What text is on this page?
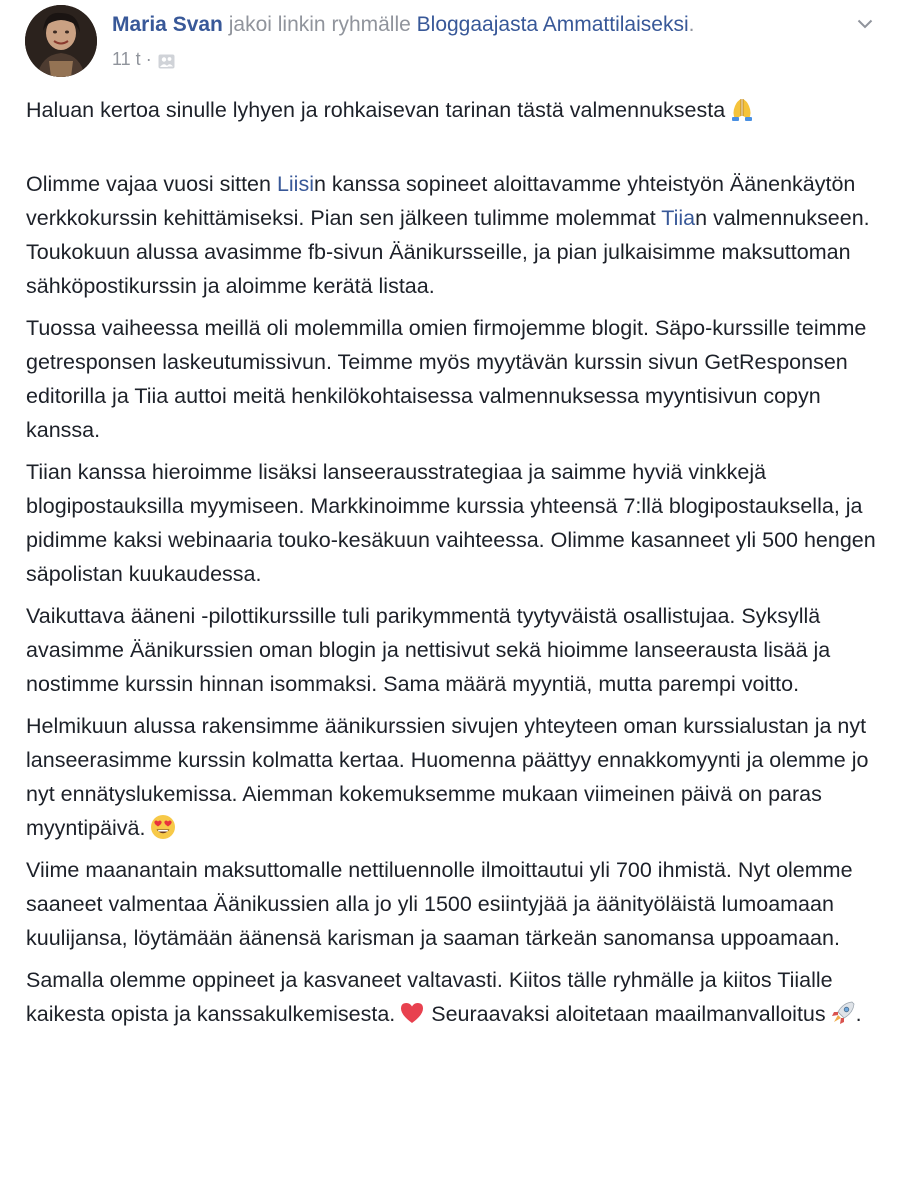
Maria Svan jakoi linkin ryhmälle Bloggaajasta Ammattilaiseksi.
11 t ·

Haluan kertoa sinulle lyhyen ja rohkaisevan tarinan tästä valmennuksesta

Olimme vajaa vuosi sitten Liisin kanssa sopineet aloittavamme yhteistyön Äänenkäytön verkkokurssin kehittämiseksi. Pian sen jälkeen tulimme molemmat Tiian valmennukseen. Toukokuun alussa avasimme fb-sivun Äänikursseille, ja pian julkaisimme maksuttoman sähköpostikurssin ja aloimme kerätä listaa.

Tuossa vaiheessa meillä oli molemmilla omien firmojemme blogit. Säpo-kurssille teimme getresponsen laskeutumissivun. Teimme myös myytävän kurssin sivun GetResponsen editorilla ja Tiia auttoi meitä henkilökohtaisessa valmennuksessa myyntisivun copyn kanssa.

Tiian kanssa hieroimme lisäksi lanseerausstrategiaa ja saimme hyviä vinkkejä blogipostauksilla myymiseen. Markkinoimme kurssia yhteensä 7:llä blogipostauksella, ja pidimme kaksi webinaaria touko-kesäkuun vaihteessa. Olimme kasanneet yli 500 hengen säpolistan kuukaudessa.

Vaikuttava ääneni -pilottikurssille tuli parikymmentä tyytyväistä osallistujaa. Syksyllä avasimme Äänikurssien oman blogin ja nettisivut sekä hioimme lanseerausta lisää ja nostimme kurssin hinnan isommaksi. Sama määrä myyntiä, mutta parempi voitto.

Helmikuun alussa rakensimme äänikurssien sivujen yhteyteen oman kurssialustan ja nyt lanseerasimme kurssin kolmatta kertaa. Huomenna päättyy ennakkomyynti ja olemme jo nyt ennätyslukemissa. Aiemman kokemuksemme mukaan viimeinen päivä on paras myyntipäivä.

Viime maanantain maksuttomalle nettiluennolle ilmoittautui yli 700 ihmistä. Nyt olemme saaneet valmentaa Äänikussien alla jo yli 1500 esiintyjää ja äänityöläistä lumoamaan kuulijansa, löytämään äänensä karisman ja saaman tärkeän sanomansa uppoamaan.

Samalla olemme oppineet ja kasvaneet valtavasti. Kiitos tälle ryhmälle ja kiitos Tiialle kaikesta opista ja kanssakulkemisesta. Seuraavaksi aloitetaan maailmanvalloitus .
